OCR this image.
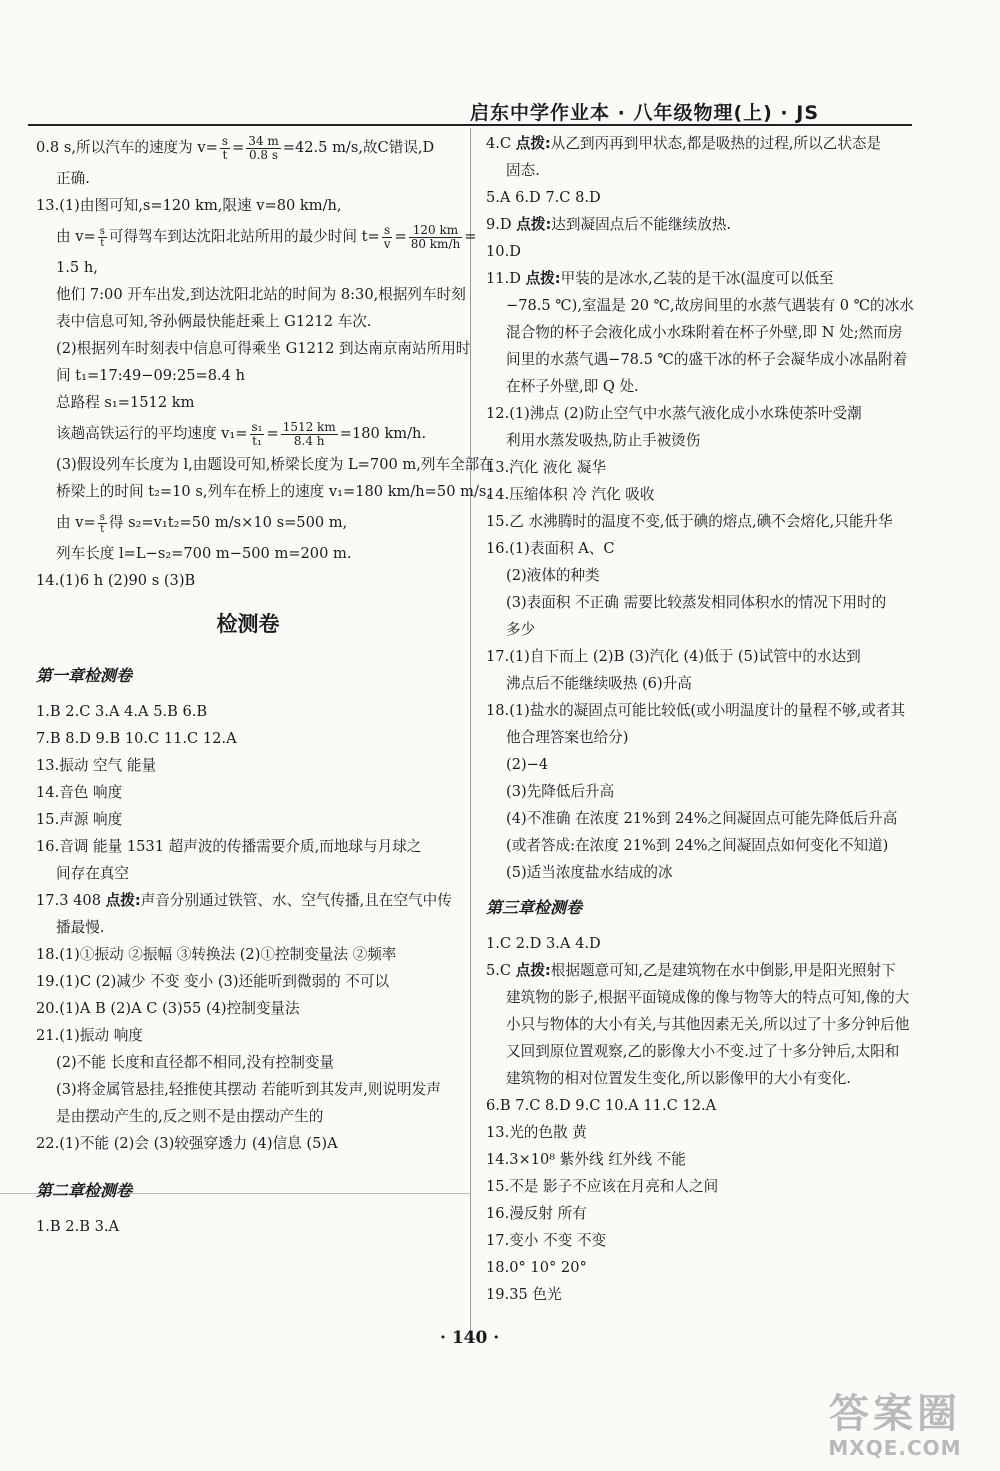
启东中学作业本 · 八年级物理(上) · JS
0.8 s,所以汽车的速度为 $v= \frac{s}{t} = \frac{34 m}{0.8 s} =42.5$ m/s,故C错误,D
正确.
13.(1)由图可知,s=120 km,限速 v=80 km/h,
由 $v= \frac{s}{t}$ 可得驾车到达沈阳北站所用的最少时间 $t= \frac{s}{v} = \frac{120 km}{80 km/h}$ =
1.5 h,
他们 7:00 开车出发,到达沈阳北站的时间为 8:30,根据列车时刻
表中信息可知,爷孙俩最快能赶乘上 G1212 车次.
(2)根据列车时刻表中信息可得乘坐 G1212 到达南京南站所用时
间 t₁=17:49−09:25=8.4 h
总路程 s₁=1512 km
该趟高铁运行的平均速度 $v_1= \frac{\text{s₁}}{\text{t₁}} = \frac{1512 km}{8.4 h} =180$ km/h.
(3)假设列车长度为 l,由题设可知,桥梁长度为 L=700 m,列车全部在
桥梁上的时间 t₂=10 s,列车在桥上的速度 v₁=180 km/h=50 m/s,
由 $v= \frac{s}{t}$ 得 s₂=v₁t₂=50 m/s×10 s=500 m,
列车长度 l=L−s₂=700 m−500 m=200 m.
14.(1)6 h (2)90 s (3)B
检测卷
第一章检测卷
1.B 2.C 3.A 4.A 5.B 6.B
7.B 8.D 9.B 10.C 11.C 12.A
13.振动 空气 能量
14.音色 响度
15.声源 响度
16.音调 能量 1531 超声波的传播需要介质,而地球与月球之
间存在真空
17.3 408 点拨:声音分别通过铁管、水、空气传播,且在空气中传
播最慢.
18.(1)①振动 ②振幅 ③转换法 (2)①控制变量法 ②频率
19.(1)C (2)减少 不变 变小 (3)还能听到微弱的 不可以
20.(1)A B (2)A C (3)55 (4)控制变量法
21.(1)振动 响度
(2)不能 长度和直径都不相同,没有控制变量
(3)将金属管悬挂,轻推使其摆动 若能听到其发声,则说明发声
是由摆动产生的,反之则不是由摆动产生的
22.(1)不能 (2)会 (3)较强穿透力 (4)信息 (5)A
第二章检测卷
1.B 2.B 3.A
4.C 点拨:从乙到丙再到甲状态,都是吸热的过程,所以乙状态是
固态.
5.A 6.D 7.C 8.D
9.D 点拨:达到凝固点后不能继续放热.
10.D
11.D 点拨:甲装的是冰水,乙装的是干冰(温度可以低至
−78.5 ℃),室温是 20 ℃,故房间里的水蒸气遇装有 0 ℃的冰水
混合物的杯子会液化成小水珠附着在杯子外壁,即 N 处;然而房
间里的水蒸气遇−78.5 ℃的盛干冰的杯子会凝华成小冰晶附着
在杯子外壁,即 Q 处.
12.(1)沸点 (2)防止空气中水蒸气液化成小水珠使茶叶受潮
利用水蒸发吸热,防止手被烫伤
13.汽化 液化 凝华
14.压缩体积 冷 汽化 吸收
15.乙 水沸腾时的温度不变,低于碘的熔点,碘不会熔化,只能升华
16.(1)表面积 A、C
(2)液体的种类
(3)表面积 不正确 需要比较蒸发相同体积水的情况下用时的
多少
17.(1)自下而上 (2)B (3)汽化 (4)低于 (5)试管中的水达到
沸点后不能继续吸热 (6)升高
18.(1)盐水的凝固点可能比较低(或小明温度计的量程不够,或者其
他合理答案也给分)
(2)−4
(3)先降低后升高
(4)不准确 在浓度 21%到 24%之间凝固点可能先降低后升高
(或者答成:在浓度 21%到 24%之间凝固点如何变化不知道)
(5)适当浓度盐水结成的冰
第三章检测卷
1.C 2.D 3.A 4.D
5.C 点拨:根据题意可知,乙是建筑物在水中倒影,甲是阳光照射下
建筑物的影子,根据平面镜成像的像与物等大的特点可知,像的大
小只与物体的大小有关,与其他因素无关,所以过了十多分钟后他
又回到原位置观察,乙的影像大小不变.过了十多分钟后,太阳和
建筑物的相对位置发生变化,所以影像甲的大小有变化.
6.B 7.C 8.D 9.C 10.A 11.C 12.A
13.光的色散 黄
14.3×10⁸ 紫外线 红外线 不能
15.不是 影子不应该在月亮和人之间
16.漫反射 所有
17.变小 不变 不变
18.0° 10° 20°
19.35 色光
· 140 ·
答案圈
MXQE.COM
